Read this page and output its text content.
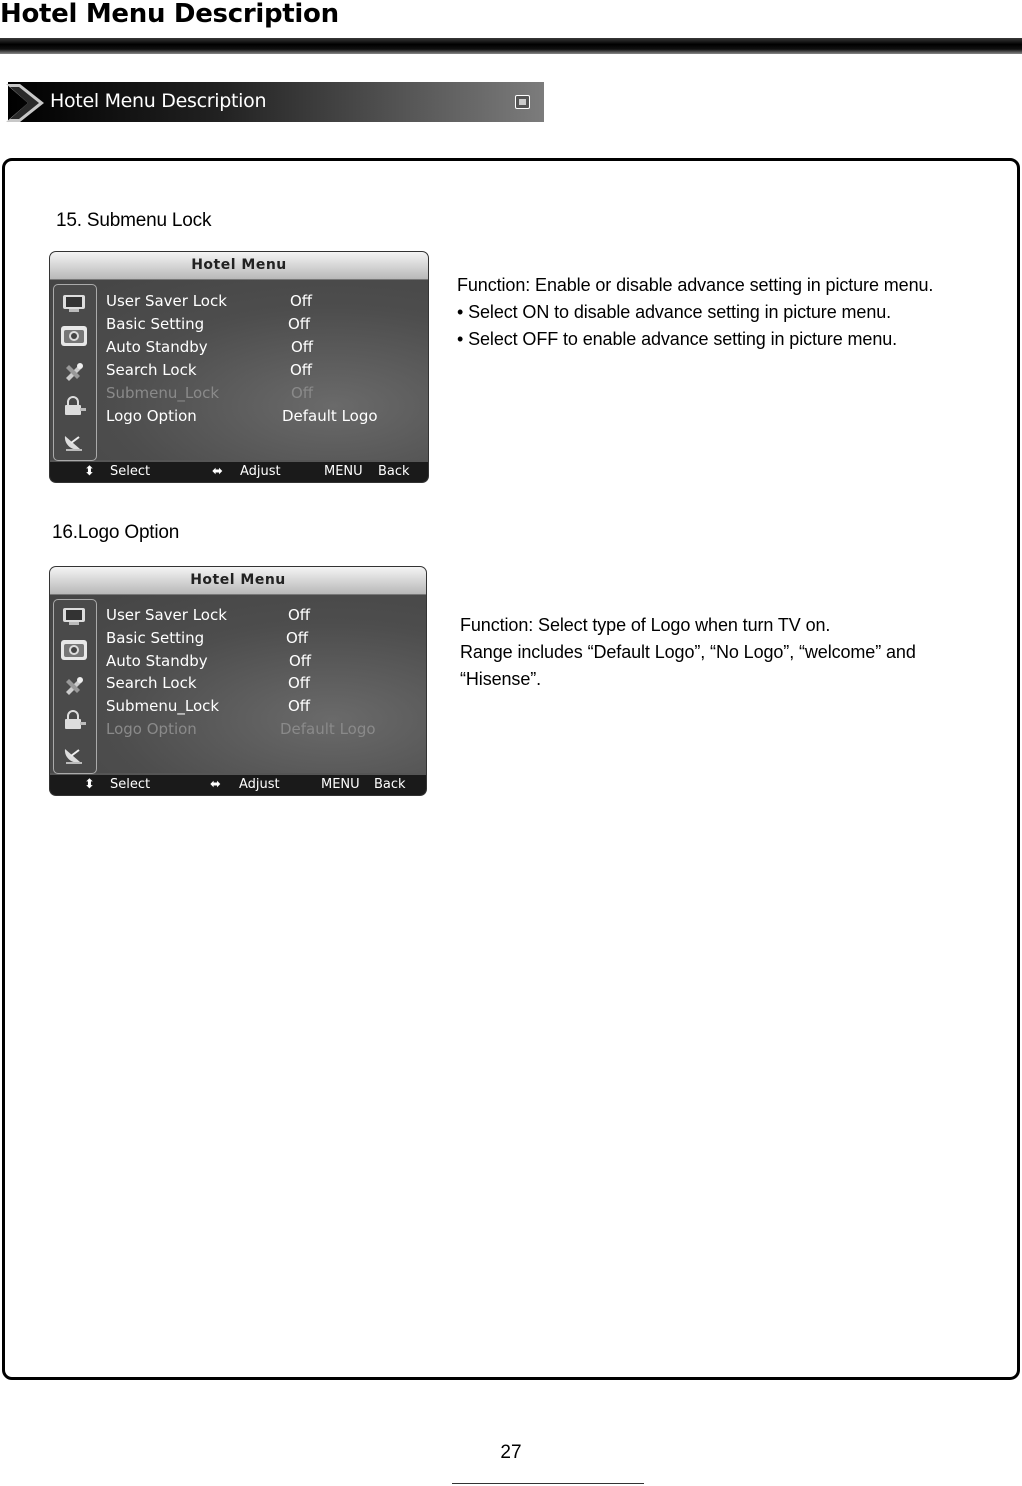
Hotel Menu Description
Hotel Menu Description
15. Submenu Lock
Hotel Menu
User Saver Lock	Off
Basic Setting	Off
Auto Standby	Off
Search Lock	Off
Submenu_Lock	Off
Logo Option	Default Logo
⬍ Select	⬌ Adjust	MENU Back

Function: Enable or disable advance setting in picture menu.

• Select ON to disable advance setting in picture menu.

• Select OFF to enable advance setting in picture menu.

16.Logo Option
Hotel Menu
User Saver Lock	Off
Basic Setting	Off
Auto Standby	Off
Search Lock	Off
Submenu_Lock	Off
Logo Option	Default Logo
⬍ Select	⬌ Adjust	MENU Back

Function: Select type of Logo when turn TV on.

Range includes “Default Logo”, “No Logo”, “welcome” and “Hisense”.

27
